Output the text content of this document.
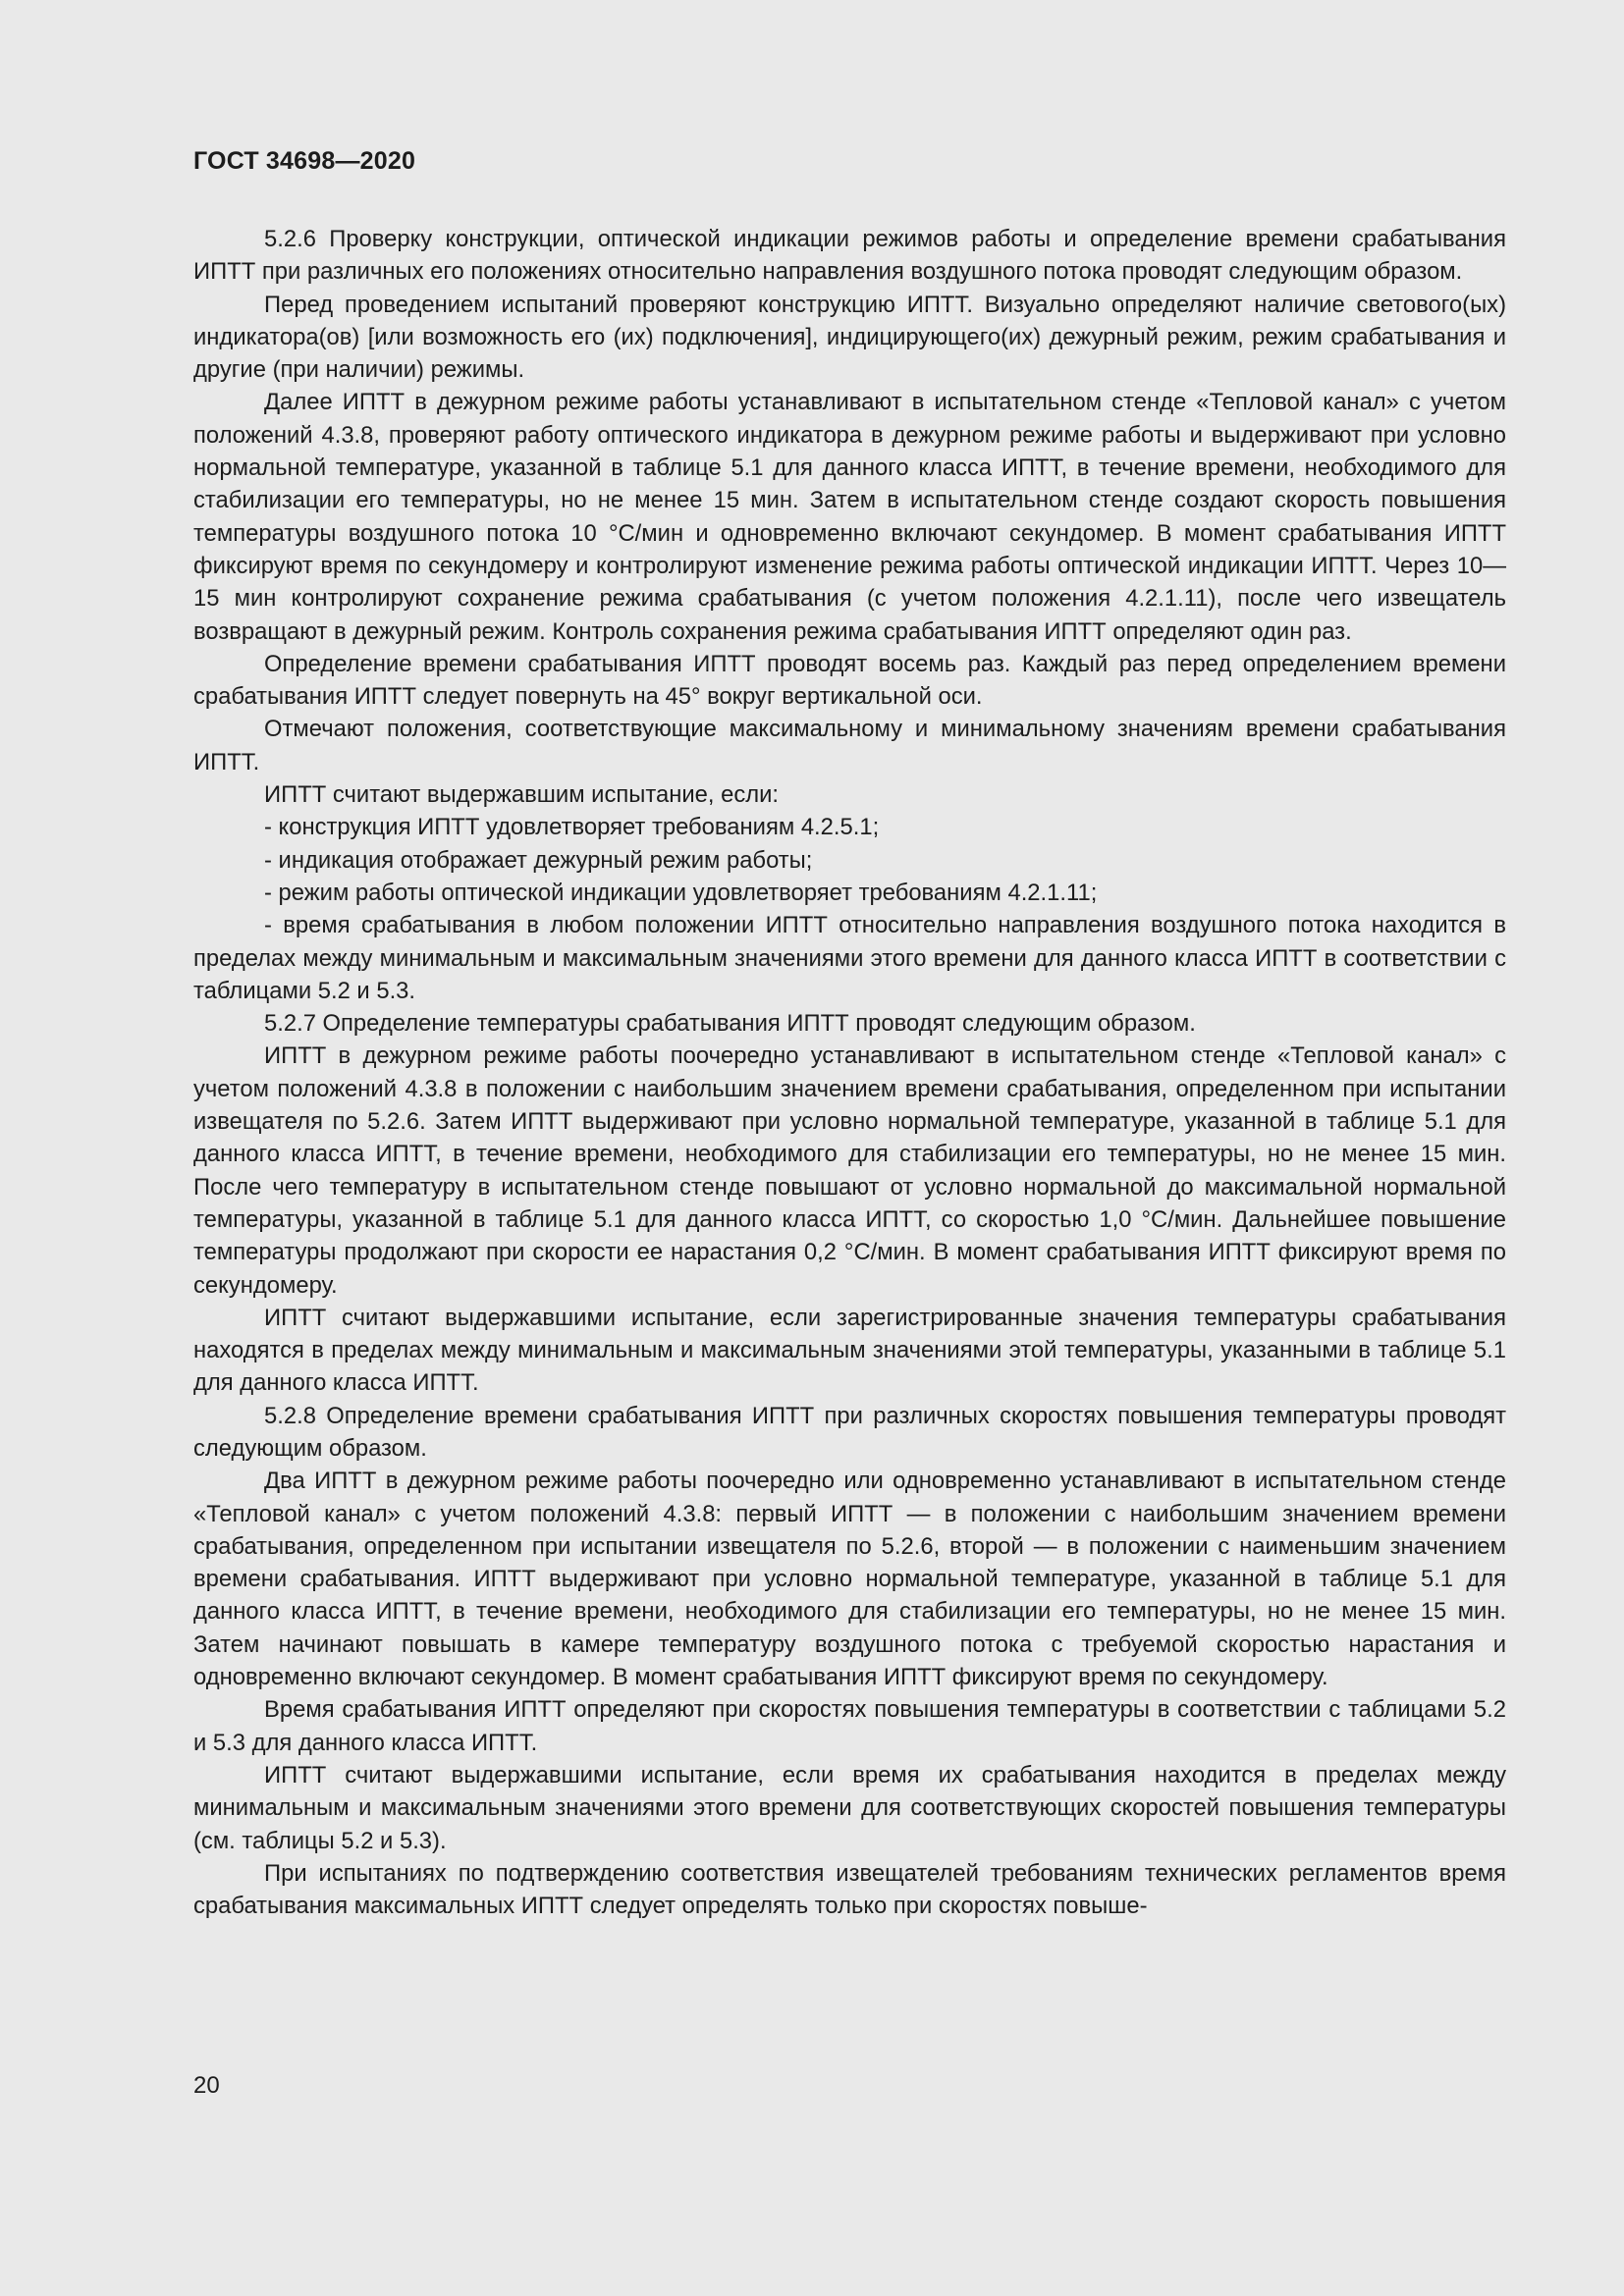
ГОСТ 34698—2020

5.2.6 Проверку конструкции, оптической индикации режимов работы и определение времени срабатывания ИПТТ при различных его положениях относительно направления воздушного потока проводят следующим образом.

Перед проведением испытаний проверяют конструкцию ИПТТ. Визуально определяют наличие светового(ых) индикатора(ов) [или возможность его (их) подключения], индицирующего(их) дежурный режим, режим срабатывания и другие (при наличии) режимы.

Далее ИПТТ в дежурном режиме работы устанавливают в испытательном стенде «Тепловой канал» с учетом положений 4.3.8, проверяют работу оптического индикатора в дежурном режиме работы и выдерживают при условно нормальной температуре, указанной в таблице 5.1 для данного класса ИПТТ, в течение времени, необходимого для стабилизации его температуры, но не менее 15 мин. Затем в испытательном стенде создают скорость повышения температуры воздушного потока 10 °С/мин и одновременно включают секундомер. В момент срабатывания ИПТТ фиксируют время по секундомеру и контролируют изменение режима работы оптической индикации ИПТТ. Через 10—15 мин контролируют сохранение режима срабатывания (с учетом положения 4.2.1.11), после чего извещатель возвращают в дежурный режим. Контроль сохранения режима срабатывания ИПТТ определяют один раз.

Определение времени срабатывания ИПТТ проводят восемь раз. Каждый раз перед определением времени срабатывания ИПТТ следует повернуть на 45° вокруг вертикальной оси.

Отмечают положения, соответствующие максимальному и минимальному значениям времени срабатывания ИПТТ.

ИПТТ считают выдержавшим испытание, если:

- конструкция ИПТТ удовлетворяет требованиям 4.2.5.1;

- индикация отображает дежурный режим работы;

- режим работы оптической индикации удовлетворяет требованиям 4.2.1.11;

- время срабатывания в любом положении ИПТТ относительно направления воздушного потока находится в пределах между минимальным и максимальным значениями этого времени для данного класса ИПТТ в соответствии с таблицами 5.2 и 5.3.

5.2.7 Определение температуры срабатывания ИПТТ проводят следующим образом.

ИПТТ в дежурном режиме работы поочередно устанавливают в испытательном стенде «Тепловой канал» с учетом положений 4.3.8 в положении с наибольшим значением времени срабатывания, определенном при испытании извещателя по 5.2.6. Затем ИПТТ выдерживают при условно нормальной температуре, указанной в таблице 5.1 для данного класса ИПТТ, в течение времени, необходимого для стабилизации его температуры, но не менее 15 мин. После чего температуру в испытательном стенде повышают от условно нормальной до максимальной нормальной температуры, указанной в таблице 5.1 для данного класса ИПТТ, со скоростью 1,0 °С/мин. Дальнейшее повышение температуры продолжают при скорости ее нарастания 0,2 °С/мин. В момент срабатывания ИПТТ фиксируют время по секундомеру.

ИПТТ считают выдержавшими испытание, если зарегистрированные значения температуры срабатывания находятся в пределах между минимальным и максимальным значениями этой температуры, указанными в таблице 5.1 для данного класса ИПТТ.

5.2.8 Определение времени срабатывания ИПТТ при различных скоростях повышения температуры проводят следующим образом.

Два ИПТТ в дежурном режиме работы поочередно или одновременно устанавливают в испытательном стенде «Тепловой канал» с учетом положений 4.3.8: первый ИПТТ — в положении с наибольшим значением времени срабатывания, определенном при испытании извещателя по 5.2.6, второй — в положении с наименьшим значением времени срабатывания. ИПТТ выдерживают при условно нормальной температуре, указанной в таблице 5.1 для данного класса ИПТТ, в течение времени, необходимого для стабилизации его температуры, но не менее 15 мин. Затем начинают повышать в камере температуру воздушного потока с требуемой скоростью нарастания и одновременно включают секундомер. В момент срабатывания ИПТТ фиксируют время по секундомеру.

Время срабатывания ИПТТ определяют при скоростях повышения температуры в соответствии с таблицами 5.2 и 5.3 для данного класса ИПТТ.

ИПТТ считают выдержавшими испытание, если время их срабатывания находится в пределах между минимальным и максимальным значениями этого времени для соответствующих скоростей повышения температуры (см. таблицы 5.2 и 5.3).

При испытаниях по подтверждению соответствия извещателей требованиям технических регламентов время срабатывания максимальных ИПТТ следует определять только при скоростях повыше-

20
